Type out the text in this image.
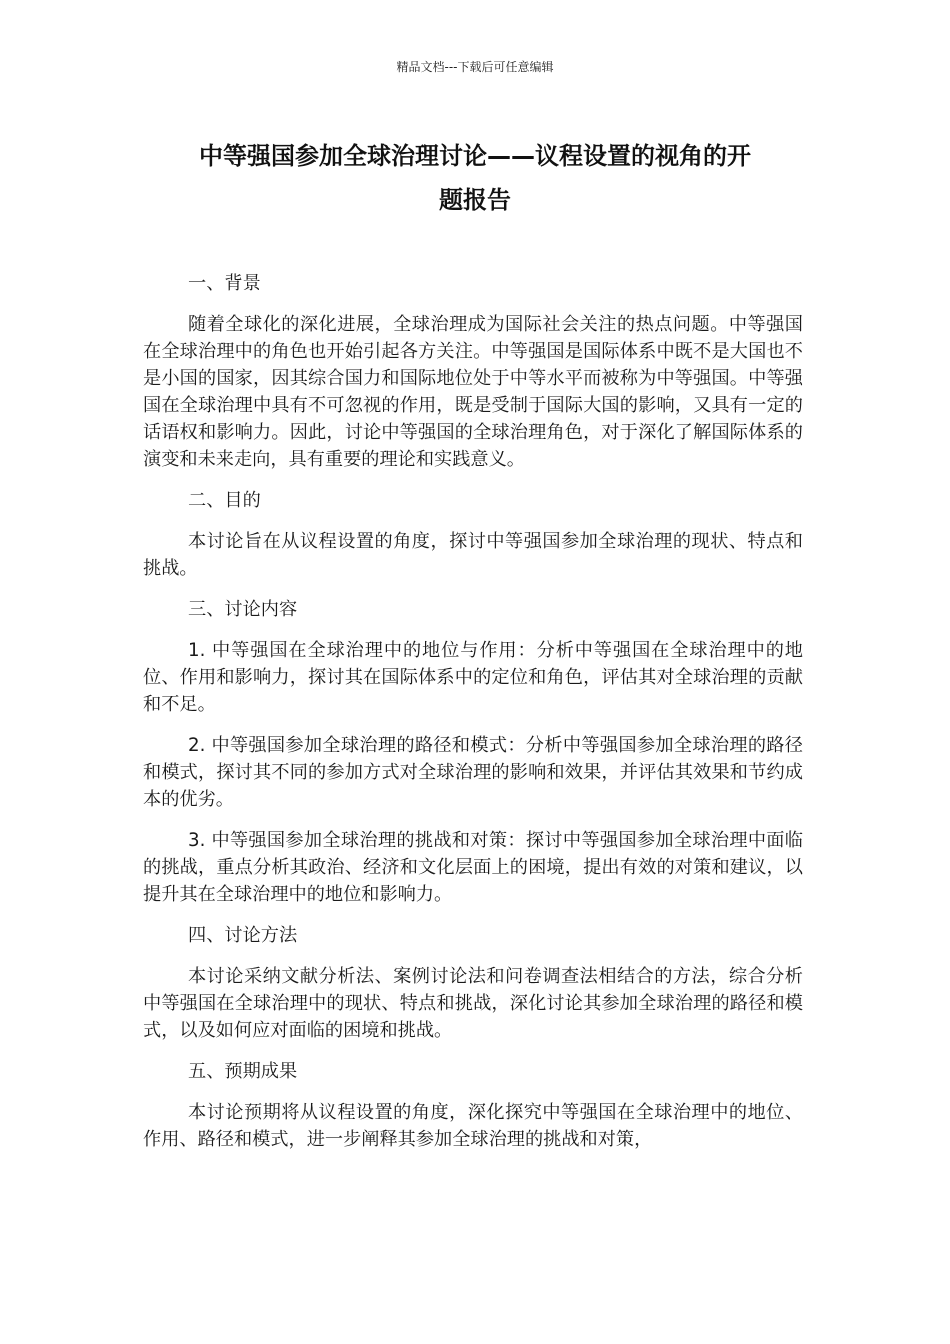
精品文档---下载后可任意编辑
中等强国参加全球治理讨论——议程设置的视角的开
题报告

一、背景

随着全球化的深化进展，全球治理成为国际社会关注的热点问题。中等强国在全球治理中的角色也开始引起各方关注。中等强国是国际体系中既不是大国也不是小国的国家，因其综合国力和国际地位处于中等水平而被称为中等强国。中等强国在全球治理中具有不可忽视的作用，既是受制于国际大国的影响，又具有一定的话语权和影响力。因此，讨论中等强国的全球治理角色，对于深化了解国际体系的演变和未来走向，具有重要的理论和实践意义。

二、目的

本讨论旨在从议程设置的角度，探讨中等强国参加全球治理的现状、特点和挑战。

三、讨论内容

1. 中等强国在全球治理中的地位与作用：分析中等强国在全球治理中的地位、作用和影响力，探讨其在国际体系中的定位和角色，评估其对全球治理的贡献和不足。

2. 中等强国参加全球治理的路径和模式：分析中等强国参加全球治理的路径和模式，探讨其不同的参加方式对全球治理的影响和效果，并评估其效果和节约成本的优劣。

3. 中等强国参加全球治理的挑战和对策：探讨中等强国参加全球治理中面临的挑战，重点分析其政治、经济和文化层面上的困境，提出有效的对策和建议，以提升其在全球治理中的地位和影响力。

四、讨论方法

本讨论采纳文献分析法、案例讨论法和问卷调查法相结合的方法，综合分析中等强国在全球治理中的现状、特点和挑战，深化讨论其参加全球治理的路径和模式，以及如何应对面临的困境和挑战。

五、预期成果

本讨论预期将从议程设置的角度，深化探究中等强国在全球治理中的地位、作用、路径和模式，进一步阐释其参加全球治理的挑战和对策，
